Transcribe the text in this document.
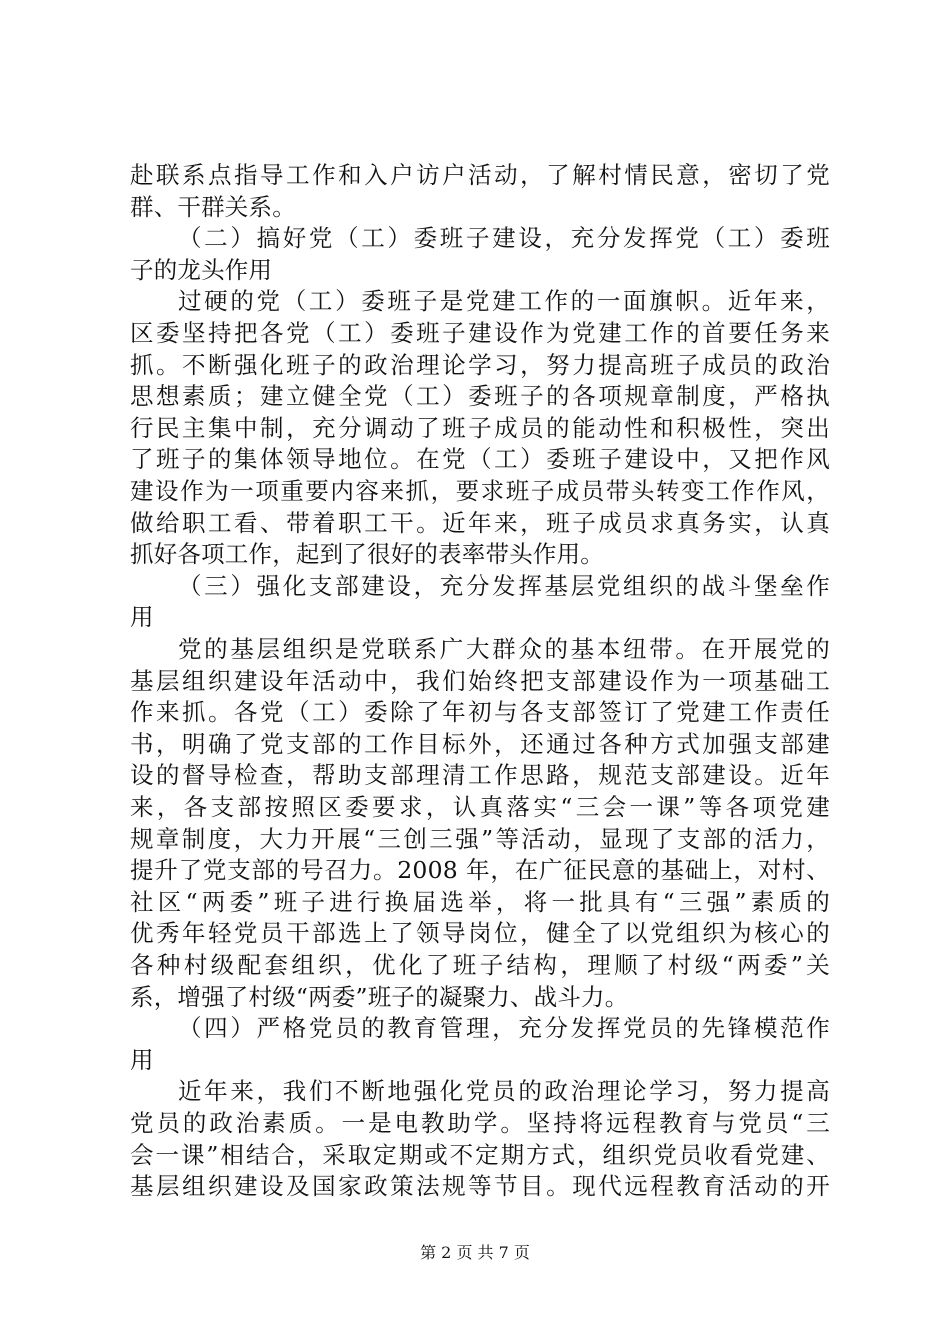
赴联系点指导工作和入户访户活动，了解村情民意，密切了党
群、干群关系。
（二）搞好党（工）委班子建设，充分发挥党（工）委班
子的龙头作用
过硬的党（工）委班子是党建工作的一面旗帜。近年来，
区委坚持把各党（工）委班子建设作为党建工作的首要任务来
抓。不断强化班子的政治理论学习，努力提高班子成员的政治
思想素质；建立健全党（工）委班子的各项规章制度，严格执
行民主集中制，充分调动了班子成员的能动性和积极性，突出
了班子的集体领导地位。在党（工）委班子建设中，又把作风
建设作为一项重要内容来抓，要求班子成员带头转变工作作风，
做给职工看、带着职工干。近年来，班子成员求真务实，认真
抓好各项工作，起到了很好的表率带头作用。
（三）强化支部建设，充分发挥基层党组织的战斗堡垒作
用
党的基层组织是党联系广大群众的基本纽带。在开展党的
基层组织建设年活动中，我们始终把支部建设作为一项基础工
作来抓。各党（工）委除了年初与各支部签订了党建工作责任
书，明确了党支部的工作目标外，还通过各种方式加强支部建
设的督导检查，帮助支部理清工作思路，规范支部建设。近年
来，各支部按照区委要求，认真落实“三会一课”等各项党建
规章制度，大力开展“三创三强”等活动，显现了支部的活力，
提升了党支部的号召力。2008 年，在广征民意的基础上，对村、
社区“两委”班子进行换届选举，将一批具有“三强”素质的
优秀年轻党员干部选上了领导岗位，健全了以党组织为核心的
各种村级配套组织，优化了班子结构，理顺了村级“两委”关
系，增强了村级“两委”班子的凝聚力、战斗力。
（四）严格党员的教育管理，充分发挥党员的先锋模范作
用
近年来，我们不断地强化党员的政治理论学习，努力提高
党员的政治素质。一是电教助学。坚持将远程教育与党员“三
会一课”相结合，采取定期或不定期方式，组织党员收看党建、
基层组织建设及国家政策法规等节目。现代远程教育活动的开
第 2 页 共 7 页
